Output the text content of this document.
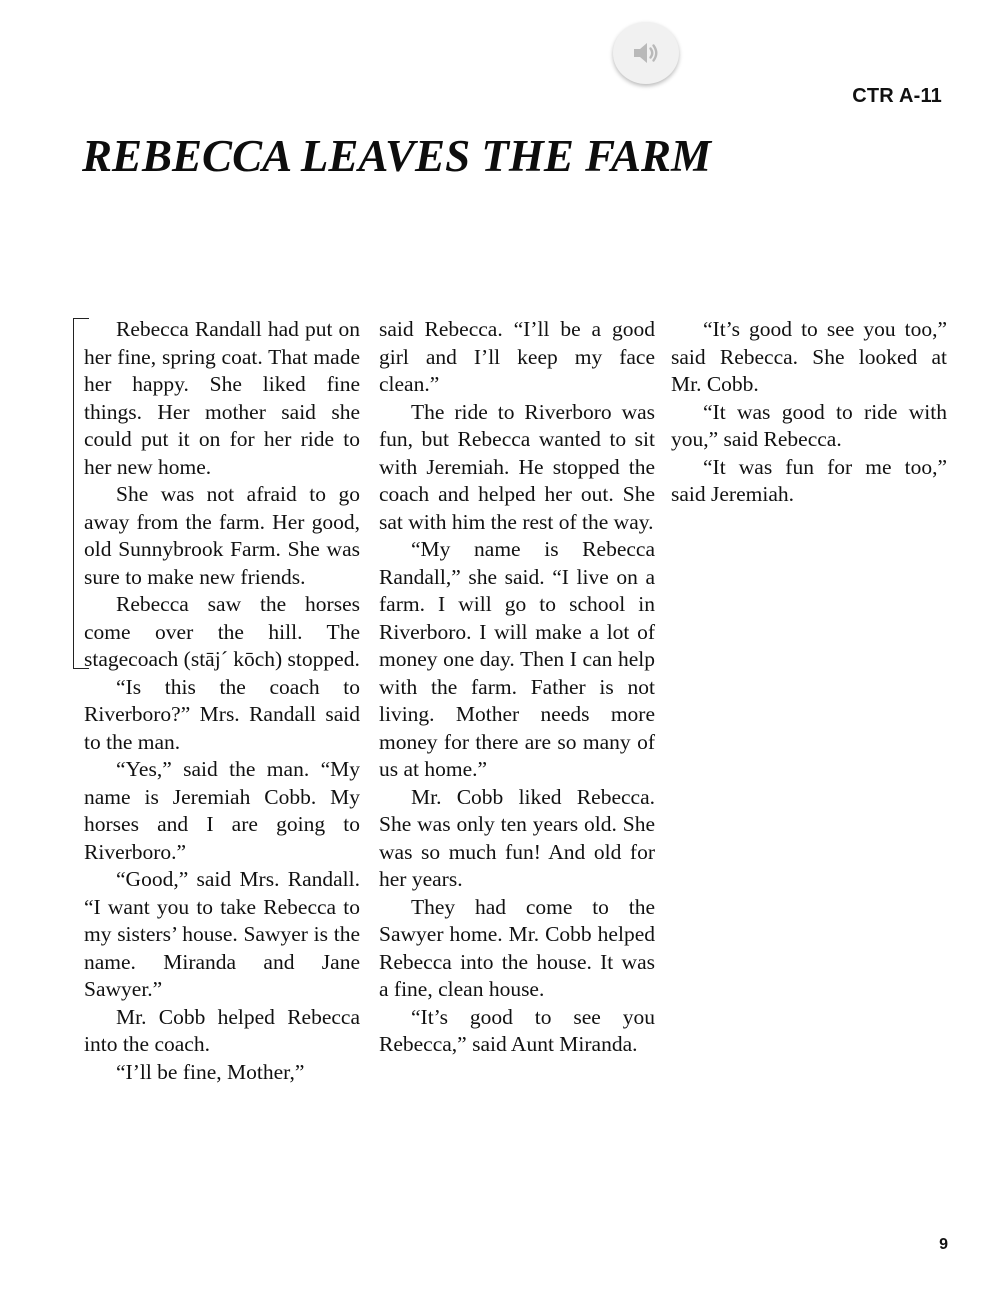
CTR A-11
REBECCA LEAVES THE FARM

Rebecca Randall had put on her fine, spring coat. That made her happy. She liked fine things. Her mother said she could put it on for her ride to her new home.

She was not afraid to go away from the farm. Her good, old Sunnybrook Farm. She was sure to make new friends.

Rebecca saw the horses come over the hill. The stagecoach (stāj´ kōch) stopped.

“Is this the coach to Riverboro?” Mrs. Randall said to the man.

“Yes,” said the man. “My name is Jeremiah Cobb. My horses and I are going to Riverboro.”

“Good,” said Mrs. Randall. “I want you to take Rebecca to my sisters’ house. Sawyer is the name. Miranda and Jane Sawyer.”

Mr. Cobb helped Rebecca into the coach.

“I’ll be fine, Mother,”

said Rebecca. “I’ll be a good girl and I’ll keep my face clean.”

The ride to Riverboro was fun, but Rebecca wanted to sit with Jeremiah. He stopped the coach and helped her out. She sat with him the rest of the way.

“My name is Rebecca Randall,” she said. “I live on a farm. I will go to school in Riverboro. I will make a lot of money one day. Then I can help with the farm. Father is not living. Mother needs more money for there are so many of us at home.”

Mr. Cobb liked Rebecca. She was only ten years old. She was so much fun! And old for her years.

They had come to the Sawyer home. Mr. Cobb helped Rebecca into the house. It was a fine, clean house.

“It’s good to see you Rebecca,” said Aunt Miranda.

“It’s good to see you too,” said Rebecca. She looked at Mr. Cobb.

“It was good to ride with you,” said Rebecca.

“It was fun for me too,” said Jeremiah.

9
